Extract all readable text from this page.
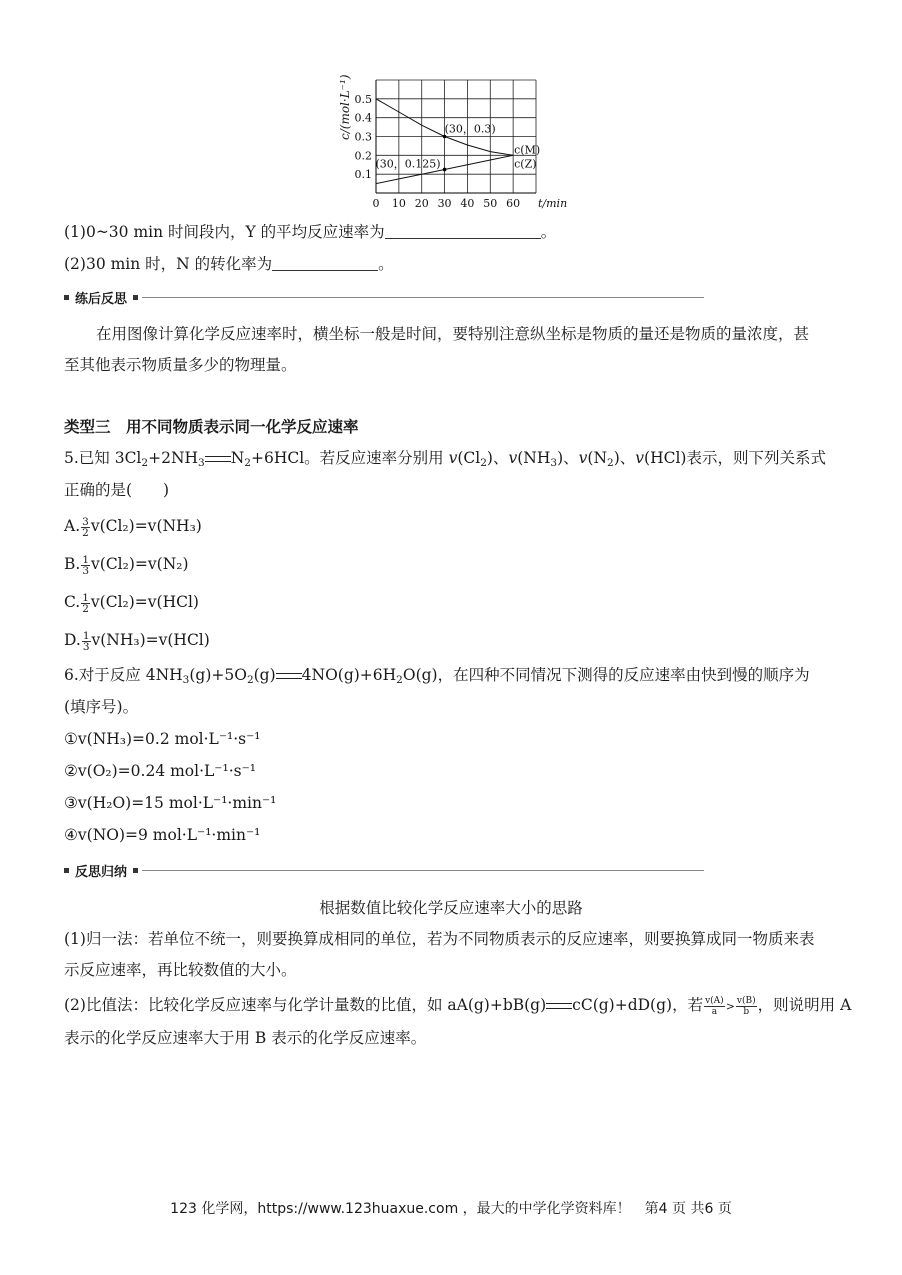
0 10 20 30 40 50 60 t/min
0.1
0.2
0.3
0.4
0.5
c(M)
c(Z)
(30，0.3)
(30，0.125)
c/(mol·L⁻¹)
(1)0~30 min 时间段内，Y 的平均反应速率为	。
(2)30 min 时，N 的转化率为	。
练后反思
在用图像计算化学反应速率时，横坐标一般是时间，要特别注意纵坐标是物质的量还是物质的量浓度，甚
至其他表示物质量多少的物理量。
类型三　用不同物质表示同一化学反应速率
5.已知 $3Cl_2+2NH_3$ $N_2+6HCl$。若反应速率分别用 $v(Cl_2)$、$v(NH_3)$、$v(N_2)$、v(HCl)表示，则下列关系式
正确的是(　　)
A. $\frac{3}{2} v(Cl_2)=v(NH_3)$
B. $\frac{1}{3} v(Cl_2)=v(N_2)$
C. $\frac{1}{2} v(Cl_2)=v(HCl)$
D. $\frac{1}{3} v(NH_3)=v(HCl)$
6.对于反应 $4NH_3(g)+5O_2(g)$ $4NO(g)+6H_2O(g)$，在四种不同情况下测得的反应速率由快到慢的顺序为
(填序号)。
①v(NH₃)=0.2 mol·L⁻¹·s⁻¹
②v(O₂)=0.24 mol·L⁻¹·s⁻¹
③v(H₂O)=15 mol·L⁻¹·min⁻¹
④v(NO)=9 mol·L⁻¹·min⁻¹
反思归纳
根据数值比较化学反应速率大小的思路
(1)归一法：若单位不统一，则要换算成相同的单位，若为不同物质表示的反应速率，则要换算成同一物质来表
示反应速率，再比较数值的大小。
(2)比值法：比较化学反应速率与化学计量数的比值，如 aA(g)+bB(g) cC(g)+dD(g)，若 $\frac{v(A)}{a} > \frac{v(B)}{b}$ ，则说明用 A
表示的化学反应速率大于用 B 表示的化学反应速率。
123 化学网，https://www.123huaxue.com ，最大的中学化学资料库！　第4 页 共6 页
